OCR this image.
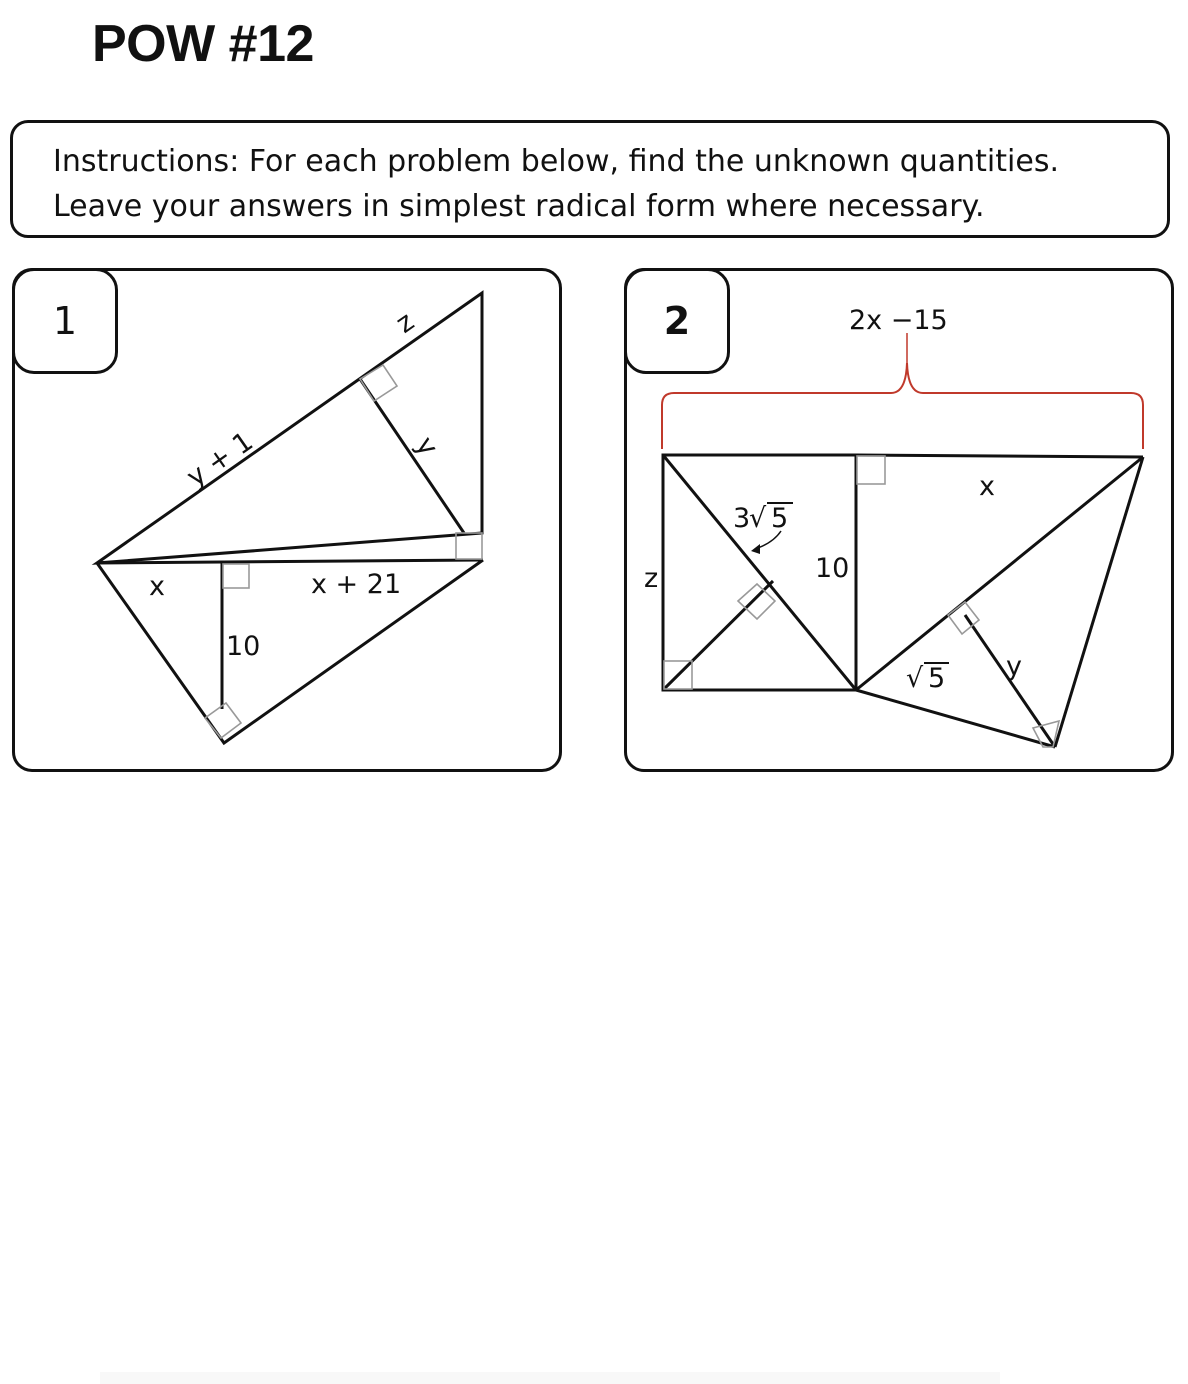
POW #12
Instructions: For each problem below, find the unknown quantities. Leave your answers in simplest radical form where necessary.
z
y + 1	y
x	x + 21
10
1	2x −15
3
√ 5
10
z
x
√ 5 y
2
